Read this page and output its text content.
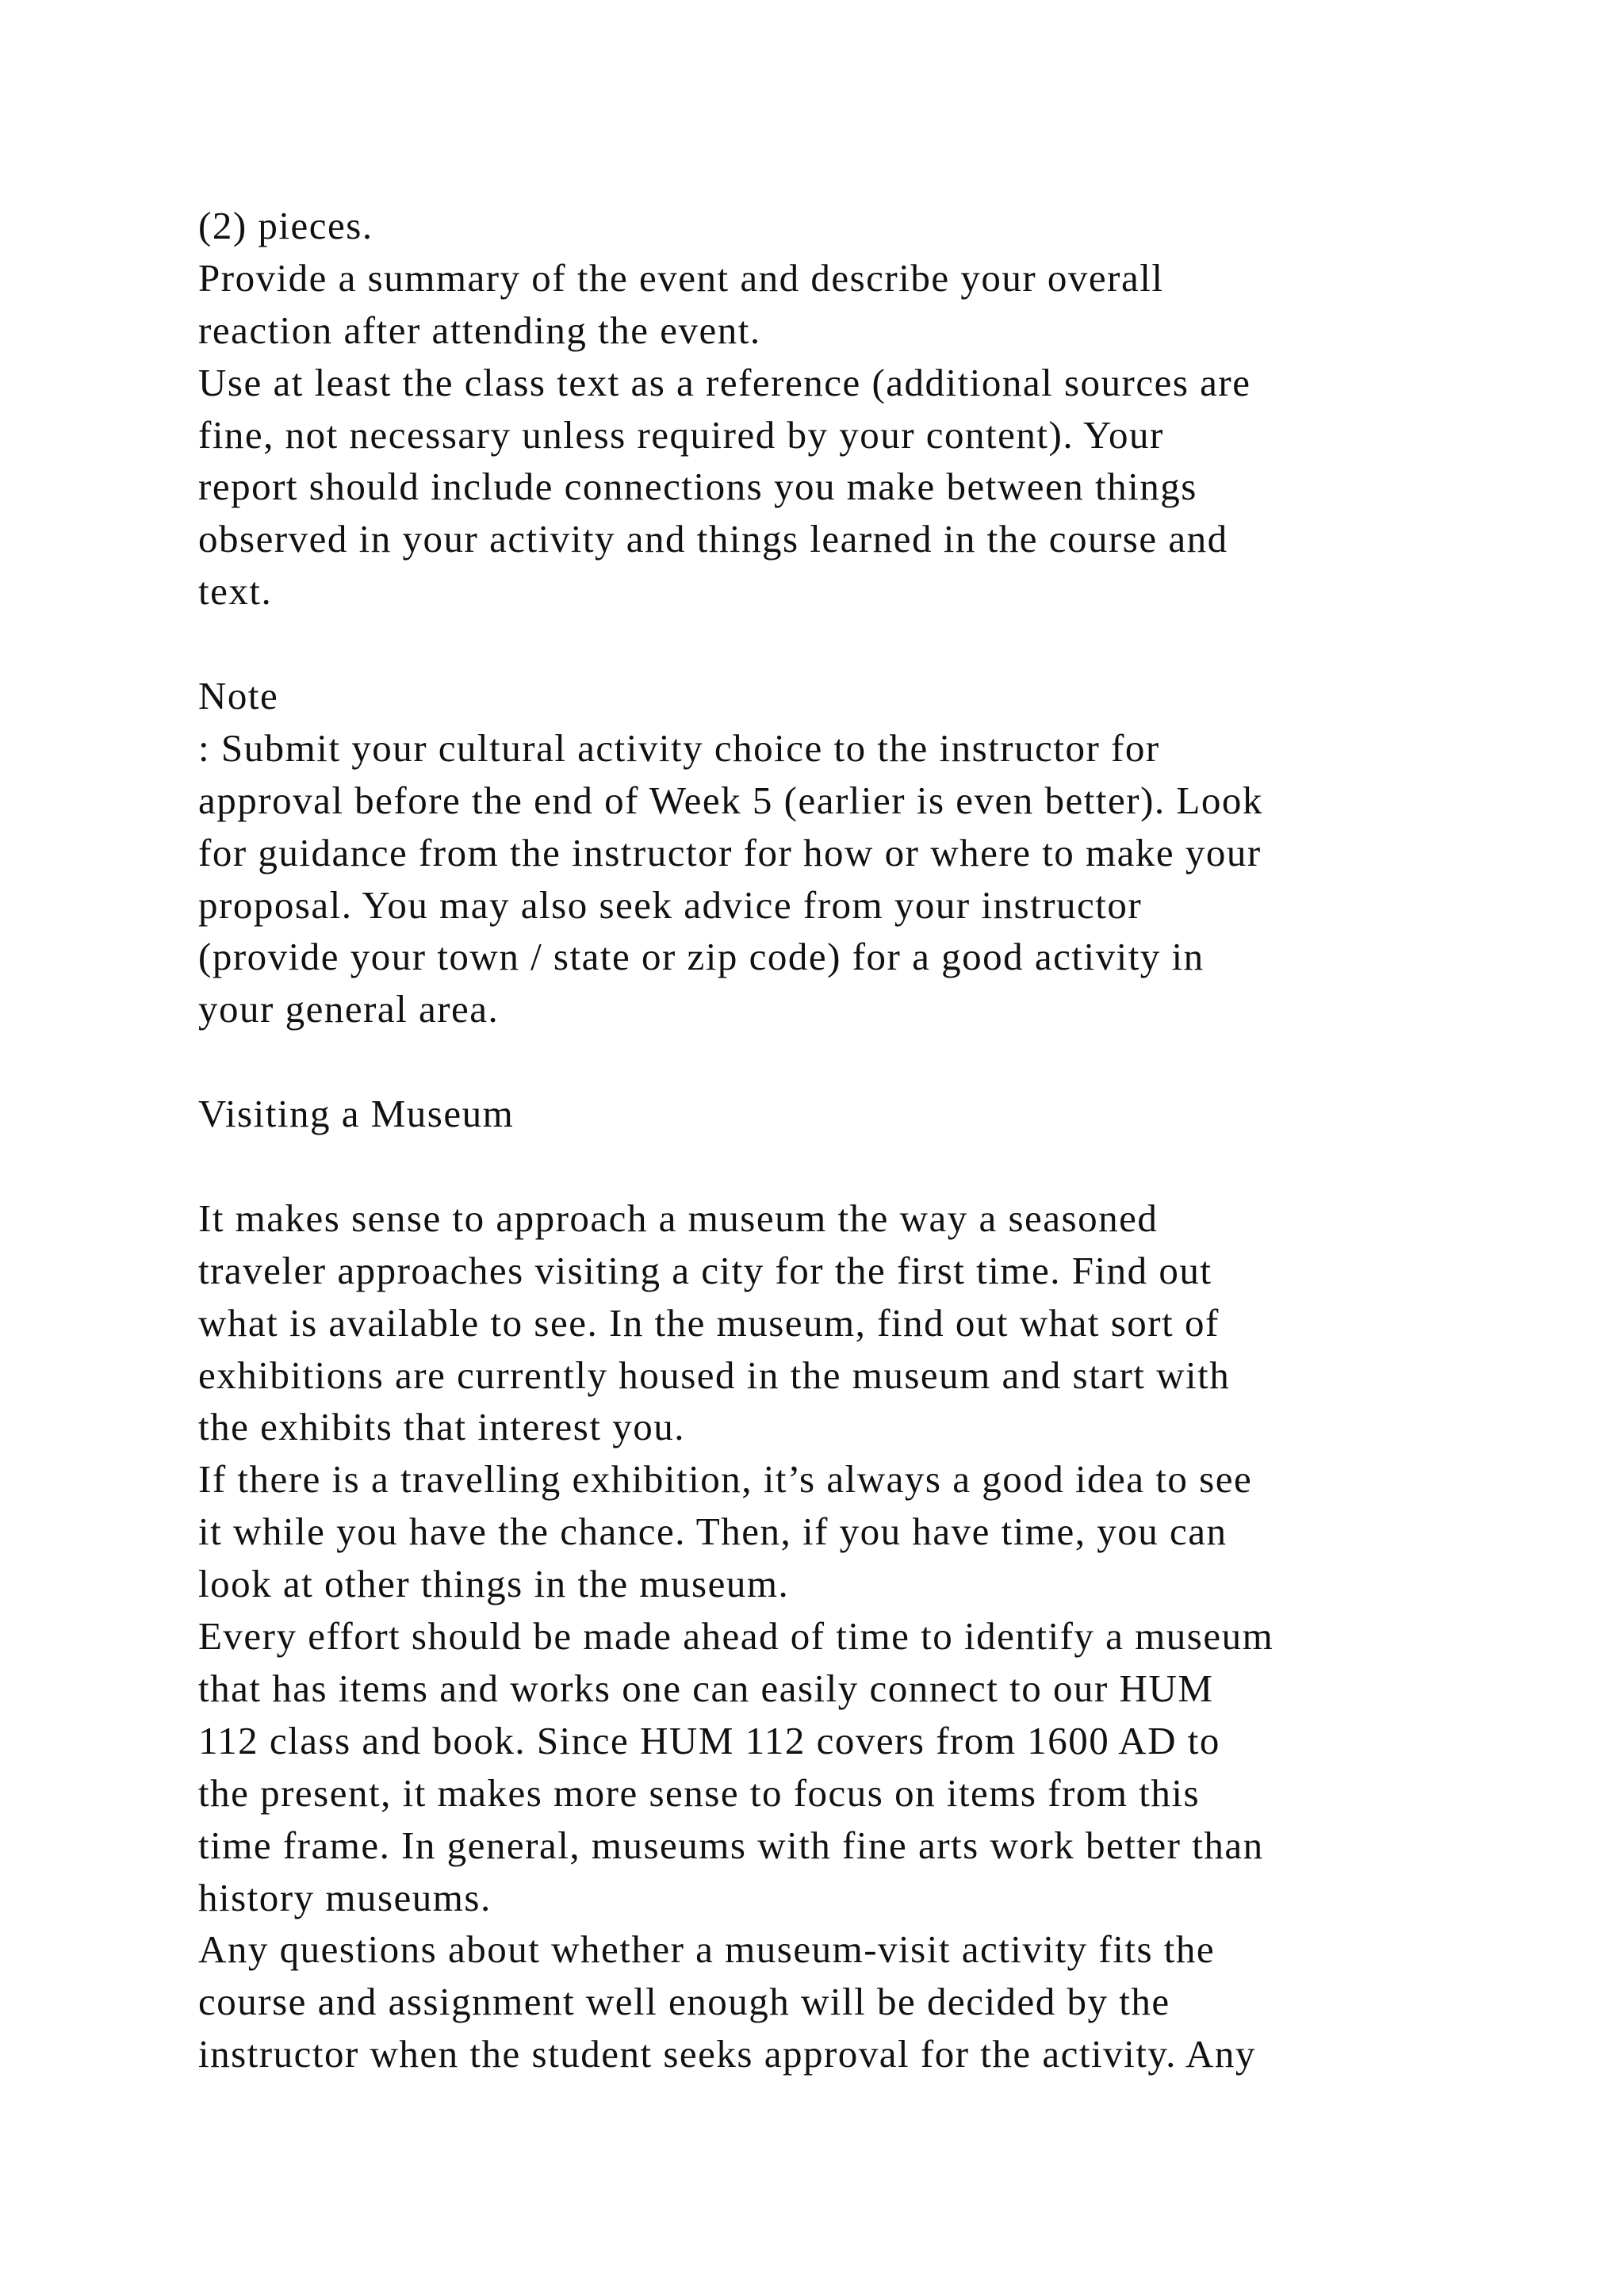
(2) pieces.
Provide a summary of the event and describe your overall
reaction after attending the event.
Use at least the class text as a reference (additional sources are
fine, not necessary unless required by your content). Your
report should include connections you make between things
observed in your activity and things learned in the course and
text.
Note
: Submit your cultural activity choice to the instructor for
approval before the end of Week 5 (earlier is even better). Look
for guidance from the instructor for how or where to make your
proposal. You may also seek advice from your instructor
(provide your town / state or zip code) for a good activity in
your general area.
Visiting a Museum
It makes sense to approach a museum the way a seasoned
traveler approaches visiting a city for the first time. Find out
what is available to see. In the museum, find out what sort of
exhibitions are currently housed in the museum and start with
the exhibits that interest you.
If there is a travelling exhibition, it’s always a good idea to see
it while you have the chance. Then, if you have time, you can
look at other things in the museum.
Every effort should be made ahead of time to identify a museum
that has items and works one can easily connect to our HUM
112 class and book. Since HUM 112 covers from 1600 AD to
the present, it makes more sense to focus on items from this
time frame. In general, museums with fine arts work better than
history museums.
Any questions about whether a museum-visit activity fits the
course and assignment well enough will be decided by the
instructor when the student seeks approval for the activity. Any
